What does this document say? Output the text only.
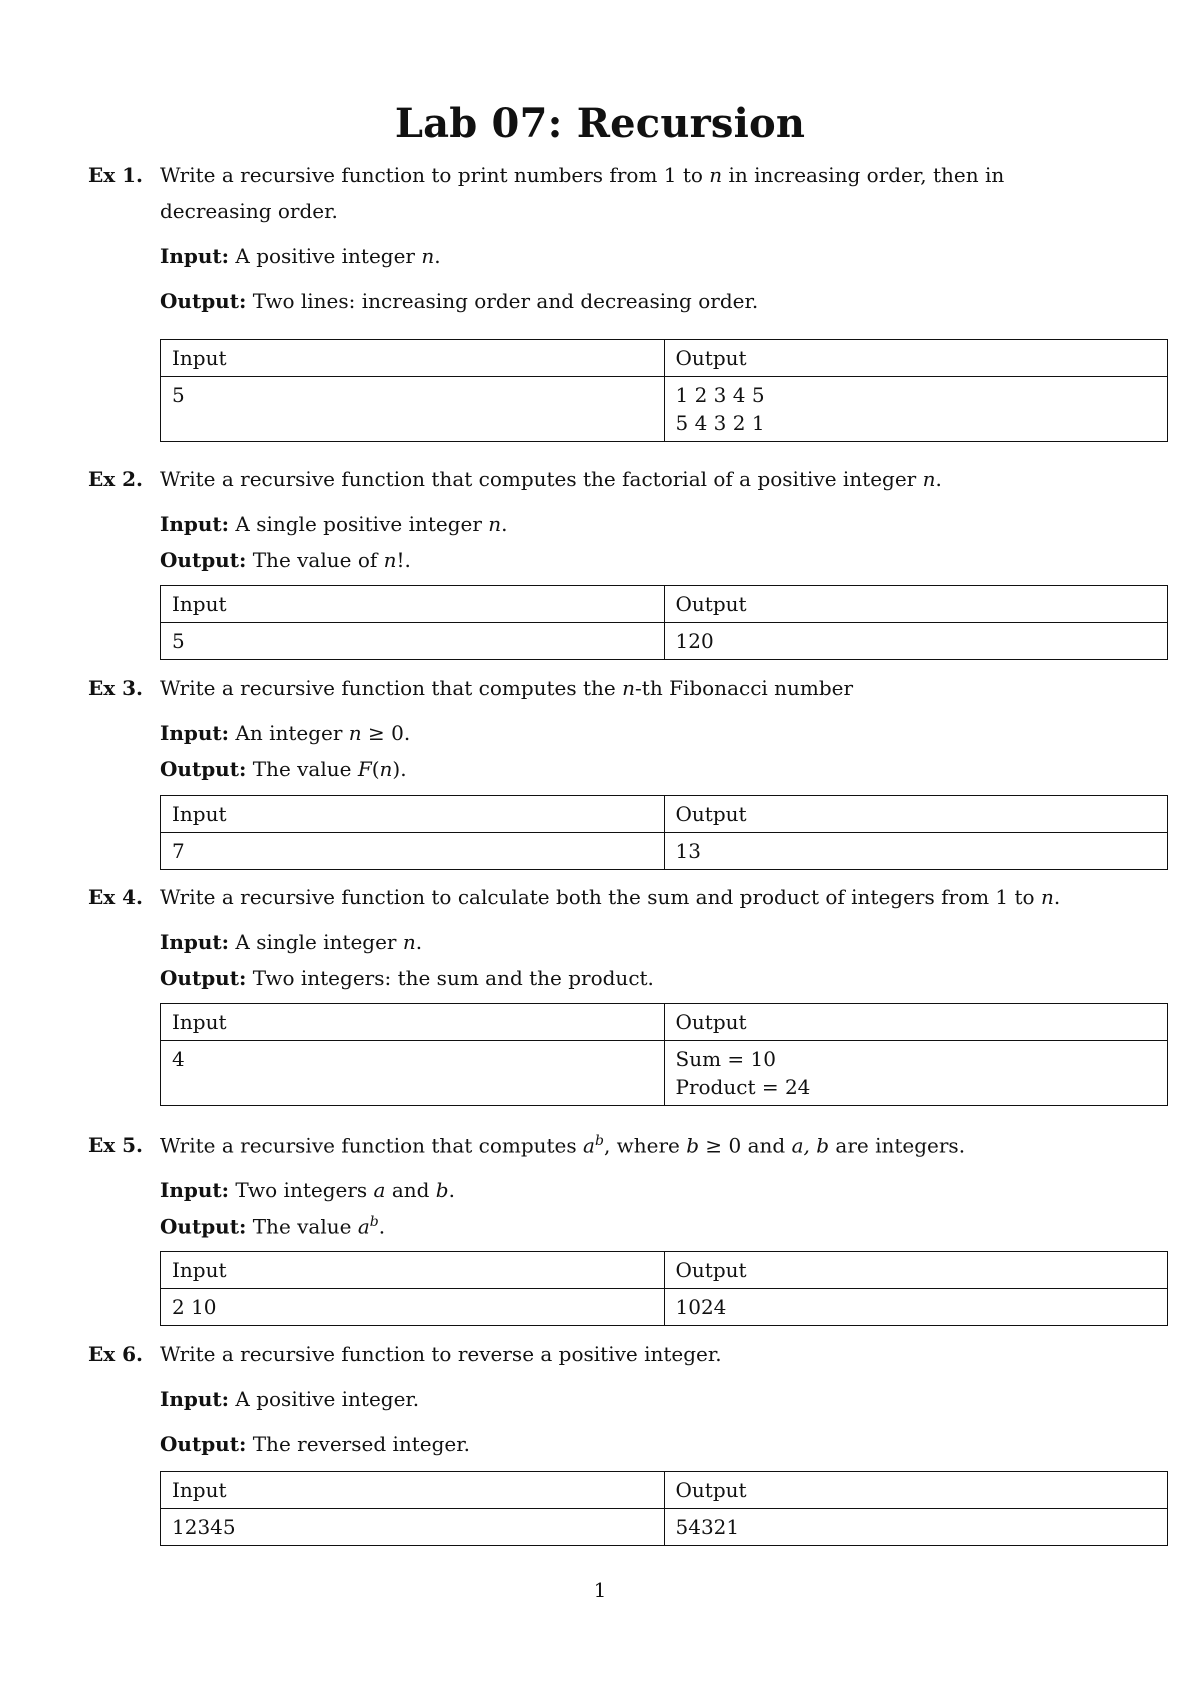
Lab 07: Recursion
Ex 1. Write a recursive function to print numbers from 1 to n in increasing order, then in
decreasing order.
Input: A positive integer n.
Output: Two lines: increasing order and decreasing order.
Input	Output
5	1 2 3 4 5
5 4 3 2 1
Ex 2. Write a recursive function that computes the factorial of a positive integer n.
Input: A single positive integer n.
Output: The value of n!.
Input	Output
5	120
Ex 3. Write a recursive function that computes the n-th Fibonacci number
Input: An integer n ≥ 0.
Output: The value F(n).
Input	Output
7	13
Ex 4. Write a recursive function to calculate both the sum and product of integers from 1 to n.
Input: A single integer n.
Output: Two integers: the sum and the product.
Input	Output
4	Sum = 10
Product = 24
Ex 5. Write a recursive function that computes $a^b$, where b ≥ 0 and a, b are integers.
Input: Two integers a and b.
Output: The value $a^b$.
Input	Output
2 10	1024
Ex 6. Write a recursive function to reverse a positive integer.
Input: A positive integer.
Output: The reversed integer.
Input	Output
12345	54321
1
